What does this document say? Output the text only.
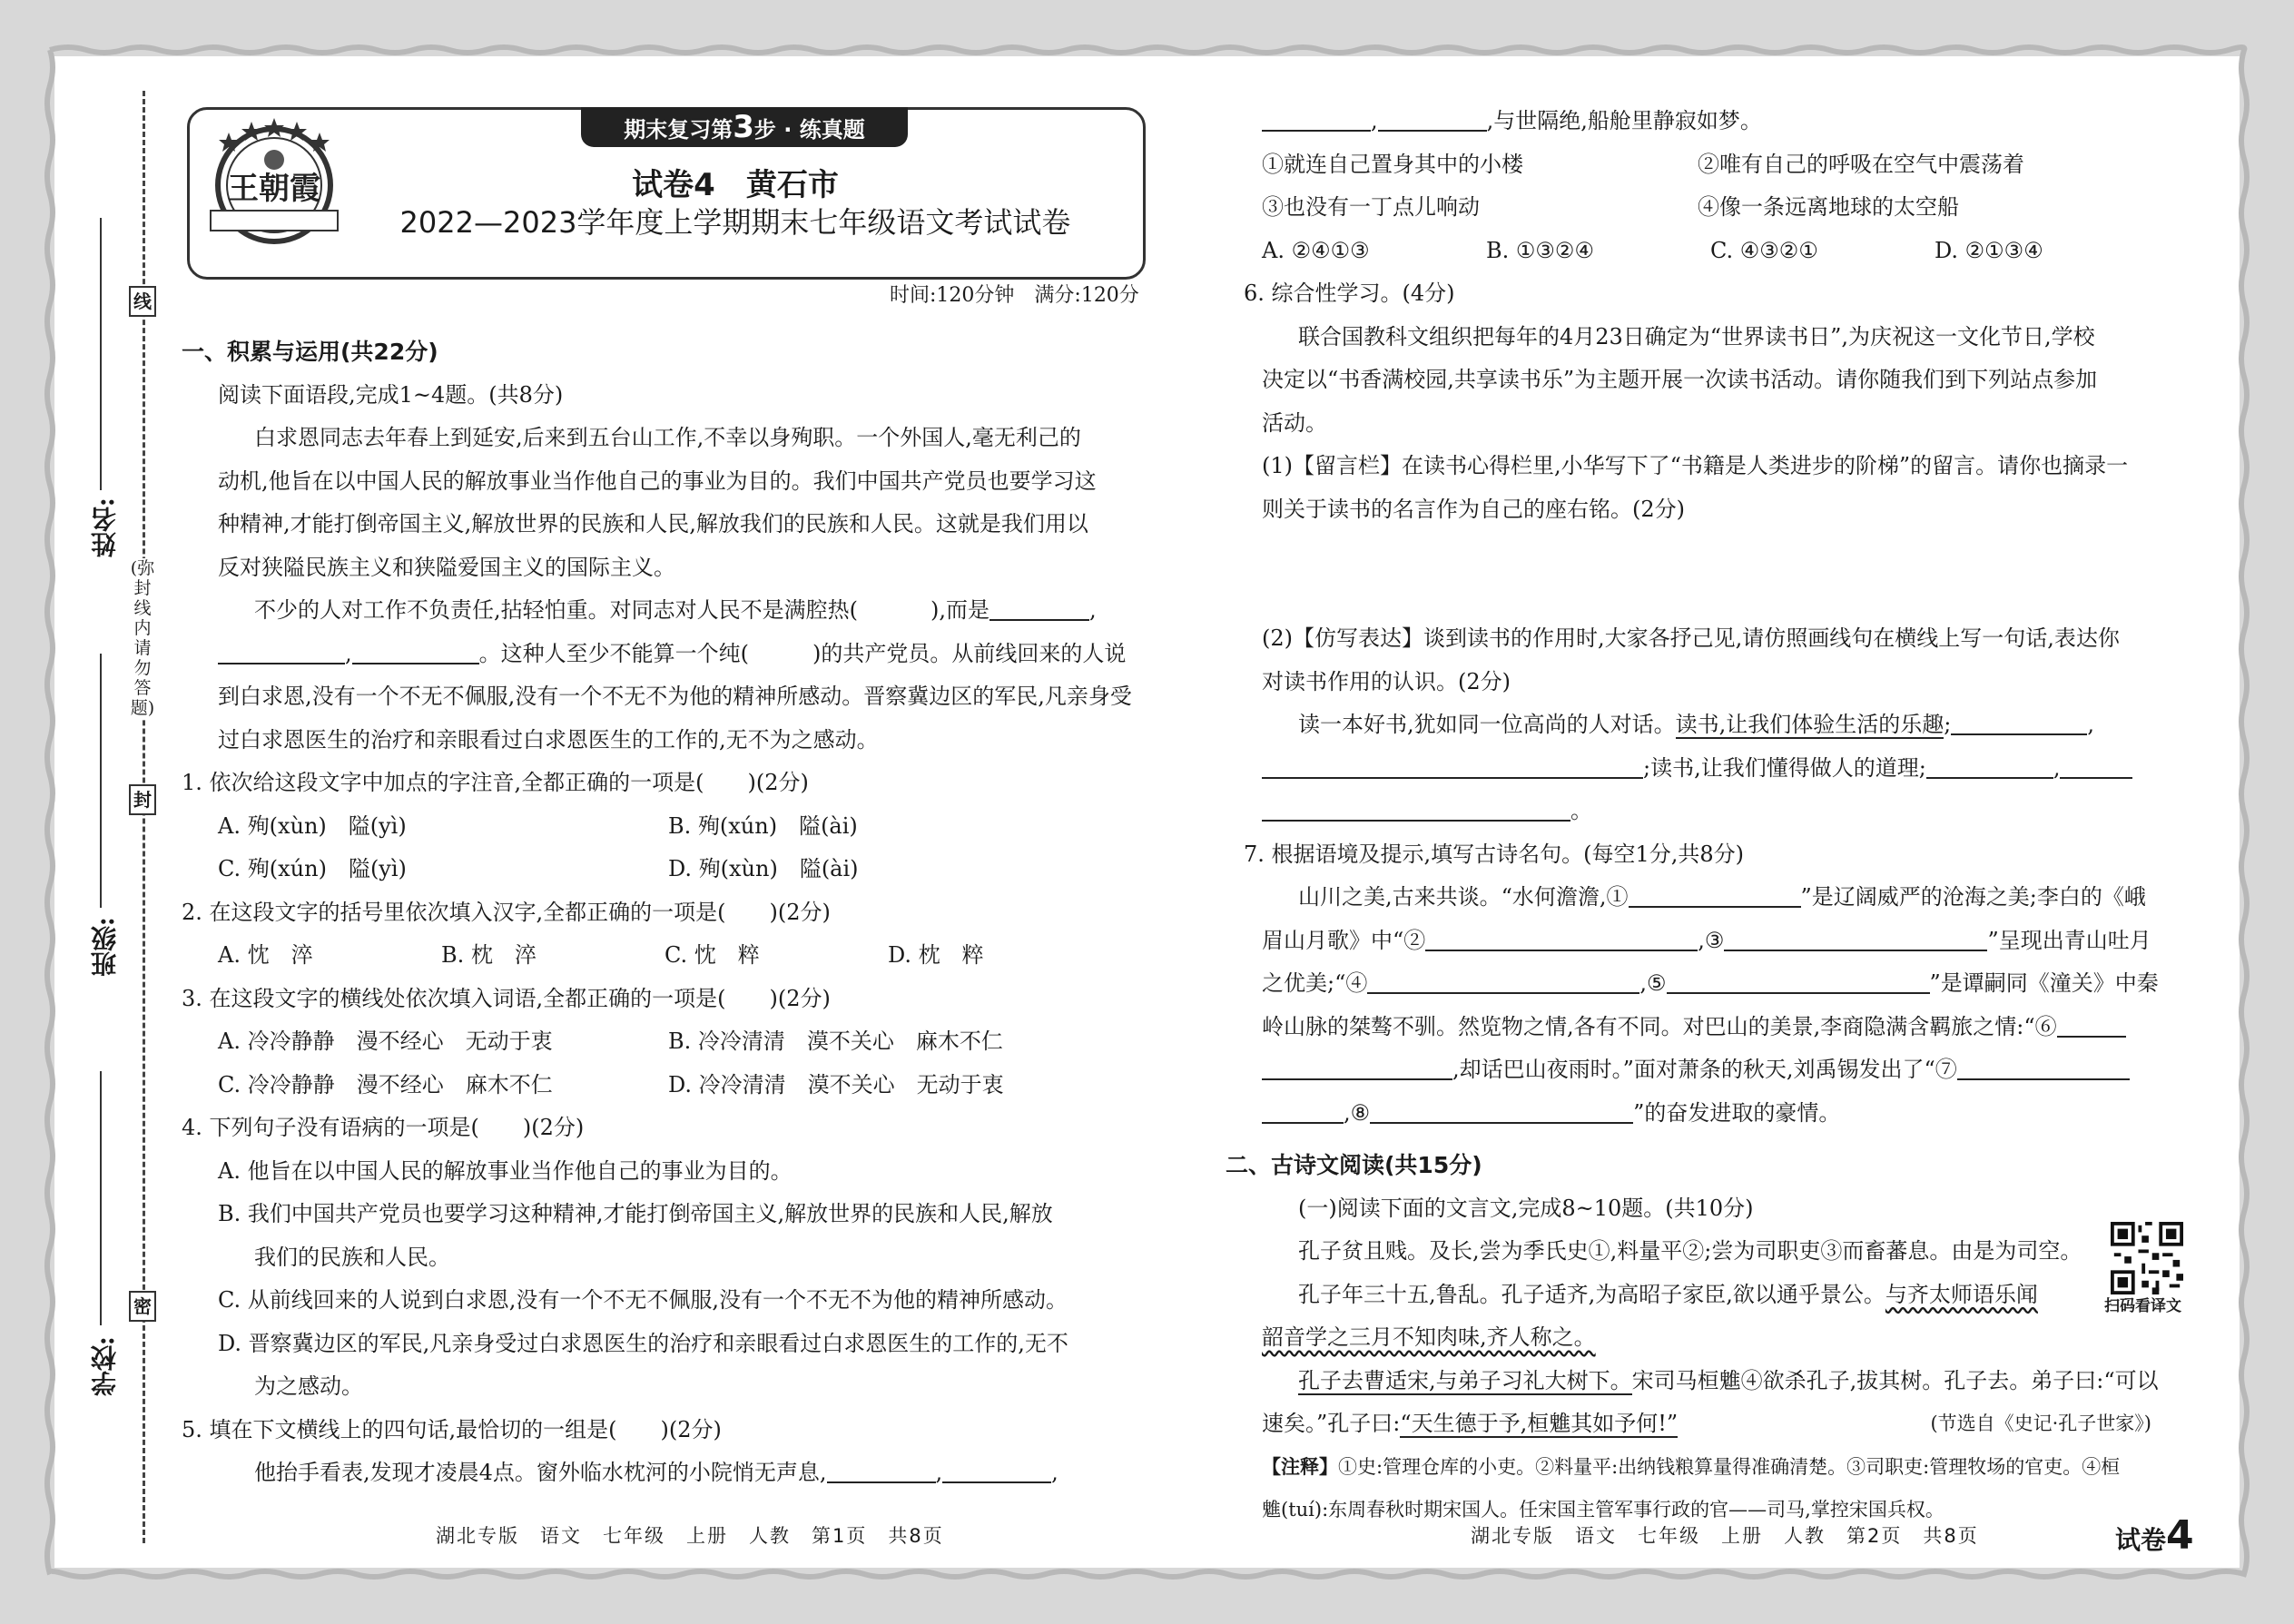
线
(弥封线内请勿答题)
封
密
姓名:
班级:
学校:
期末复习第3步 · 练真题
王朝霞	试卷4　黄石市
2022—2023学年度上学期期末七年级语文考试试卷
时间:120分钟　满分:120分

一、积累与运用(共22分)

阅读下面语段,完成1~4题。(共8分)

白求恩同志去年春上到延安,后来到五台山工作,不幸以身殉职。一个外国人,毫无利己的

动机,他旨在以中国人民的解放事业当作他自己的事业为目的。我们中国共产党员也要学习这

种精神,才能打倒帝国主义,解放世界的民族和人民,解放我们的民族和人民。这就是我们用以

反对狭隘民族主义和狭隘爱国主义的国际主义。

不少的人对工作不负责任,拈轻怕重。对同志对人民不是满腔热(	),而是	,

,	。这种人至少不能算一个纯(	)的共产党员。从前线回来的人说

到白求恩,没有一个不无不佩服,没有一个不无不为他的精神所感动。晋察冀边区的军民,凡亲身受

过白求恩医生的治疗和亲眼看过白求恩医生的工作的,无不为之感动。

1. 依次给这段文字中加点的字注音,全都正确的一项是(　　)(2分)

A. 殉(xùn)　隘(yì)	B. 殉(xún)　隘(ài)

C. 殉(xún)　隘(yì)	D. 殉(xùn)　隘(ài)

2. 在这段文字的括号里依次填入汉字,全都正确的一项是(　　)(2分)

A. 忱　淬	B. 枕　淬	C. 忱　粹	D. 枕　粹

3. 在这段文字的横线处依次填入词语,全都正确的一项是(　　)(2分)

A. 冷冷静静　漫不经心　无动于衷	B. 冷冷清清　漠不关心　麻木不仁

C. 冷冷静静　漫不经心　麻木不仁	D. 冷冷清清　漠不关心　无动于衷

4. 下列句子没有语病的一项是(　　)(2分)

A. 他旨在以中国人民的解放事业当作他自己的事业为目的。

B. 我们中国共产党员也要学习这种精神,才能打倒帝国主义,解放世界的民族和人民,解放

我们的民族和人民。

C. 从前线回来的人说到白求恩,没有一个不无不佩服,没有一个不无不为他的精神所感动。

D. 晋察冀边区的军民,凡亲身受过白求恩医生的治疗和亲眼看过白求恩医生的工作的,无不

为之感动。

5. 填在下文横线上的四句话,最恰切的一组是(　　)(2分)

他抬手看表,发现才凌晨4点。窗外临水枕河的小院悄无声息,	,	,

湖北专版　语文　七年级　上册　人教　第1页　共8页

,	,与世隔绝,船舱里静寂如梦。

①就连自己置身其中的小楼	②唯有自己的呼吸在空气中震荡着

③也没有一丁点儿响动	④像一条远离地球的太空船

A. ②④①③	B. ①③②④	C. ④③②①	D. ②①③④

6. 综合性学习。(4分)

联合国教科文组织把每年的4月23日确定为“世界读书日”,为庆祝这一文化节日,学校

决定以“书香满校园,共享读书乐”为主题开展一次读书活动。请你随我们到下列站点参加

活动。

(1)【留言栏】在读书心得栏里,小华写下了“书籍是人类进步的阶梯”的留言。请你也摘录一

则关于读书的名言作为自己的座右铭。(2分)

(2)【仿写表达】谈到读书的作用时,大家各抒己见,请仿照画线句在横线上写一句话,表达你

对读书作用的认识。(2分)

读一本好书,犹如同一位高尚的人对话。读书,让我们体验生活的乐趣;	,

;读书,让我们懂得做人的道理;	,

。

7. 根据语境及提示,填写古诗名句。(每空1分,共8分)

山川之美,古来共谈。“水何澹澹,①	”是辽阔威严的沧海之美;李白的《峨

眉山月歌》中“②	,③	”呈现出青山吐月

之优美;“④	,⑤	”是谭嗣同《潼关》中秦

岭山脉的桀骜不驯。然览物之情,各有不同。对巴山的美景,李商隐满含羁旅之情:“⑥

,却话巴山夜雨时。”面对萧条的秋天,刘禹锡发出了“⑦

,⑧	”的奋发进取的豪情。

二、古诗文阅读(共15分)

(一)阅读下面的文言文,完成8~10题。(共10分)

孔子贫且贱。及长,尝为季氏史①,料量平②;尝为司职吏③而畜蕃息。由是为司空。

孔子年三十五,鲁乱。孔子适齐,为高昭子家臣,欲以通乎景公。与齐太师语乐闻

韶音学之三月不知肉味,齐人称之。

孔子去曹适宋,与弟子习礼大树下。宋司马桓魋④欲杀孔子,拔其树。孔子去。弟子曰:“可以

速矣。”孔子曰:“天生德于予,桓魋其如予何!”	(节选自《史记·孔子世家》)

【注释】①史:管理仓库的小吏。②料量平:出纳钱粮算量得准确清楚。③司职吏:管理牧场的官吏。④桓

魋(tuí):东周春秋时期宋国人。任宋国主管军事行政的官——司马,掌控宋国兵权。

扫码看译文
湖北专版　语文　七年级　上册　人教　第2页　共8页	试卷4
